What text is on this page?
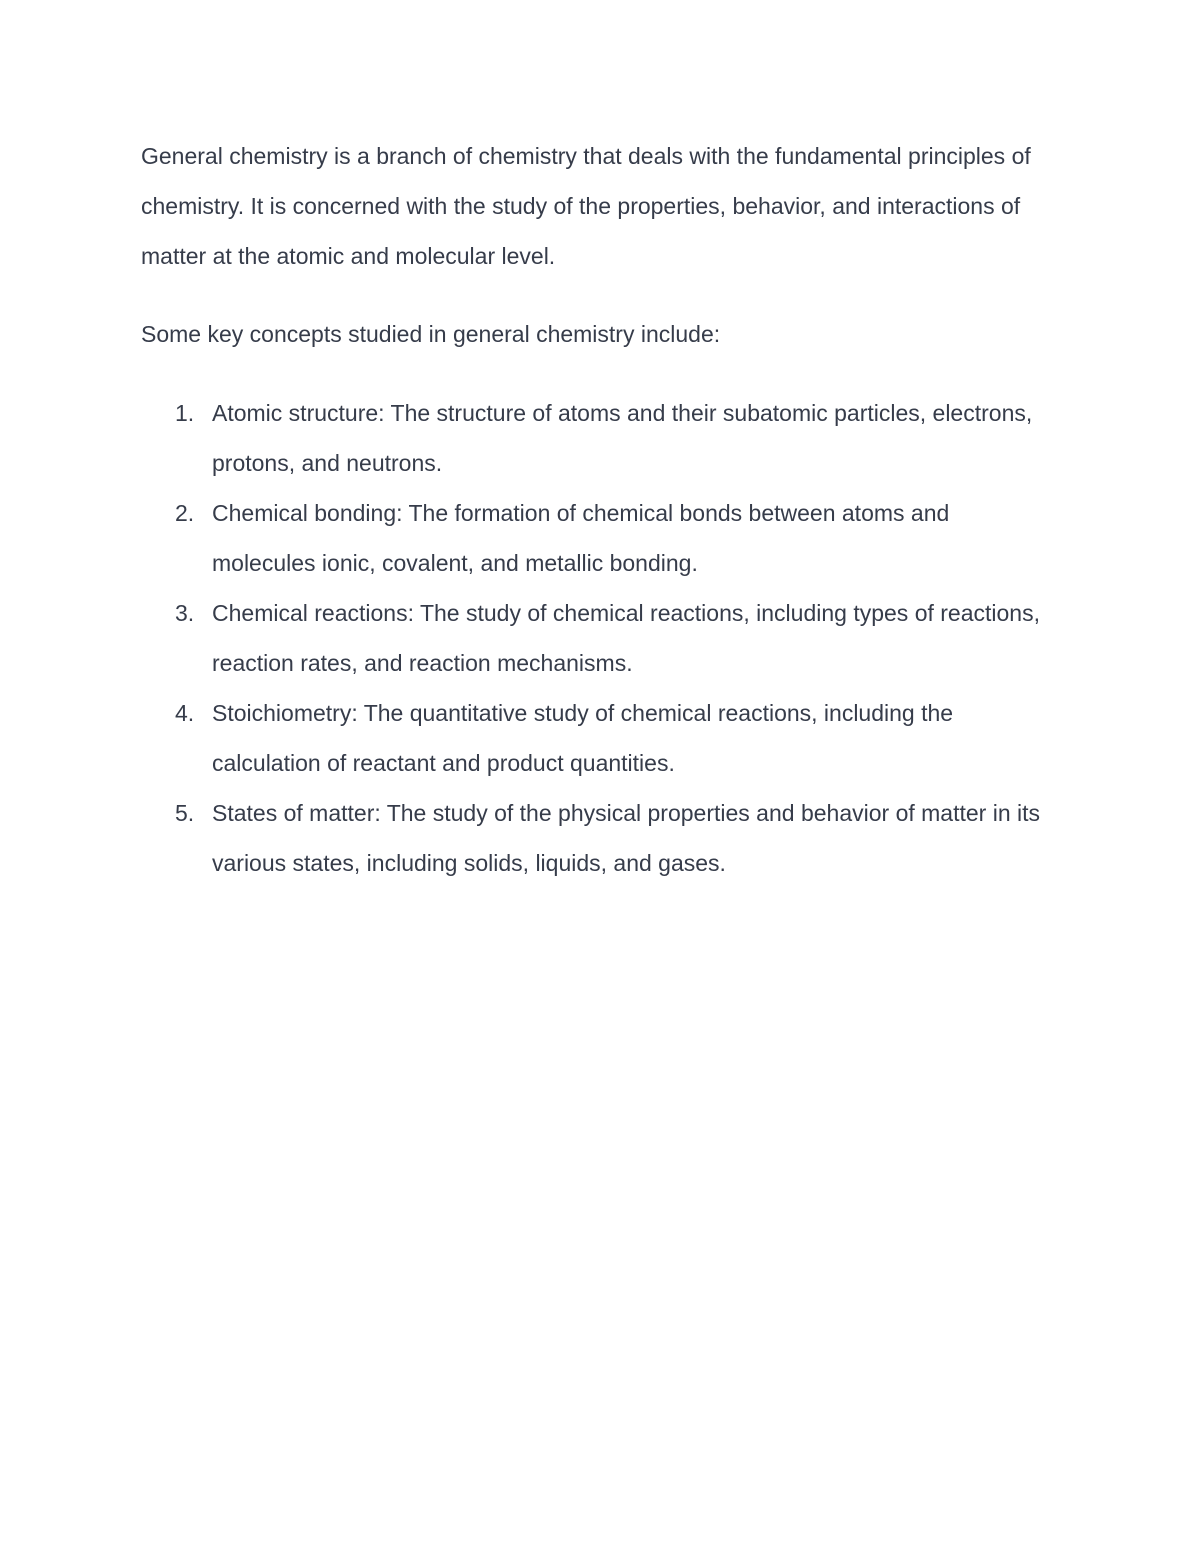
General chemistry is a branch of chemistry that deals with the fundamental principles of chemistry. It is concerned with the study of the properties, behavior, and interactions of matter at the atomic and molecular level.

Some key concepts studied in general chemistry include:

1. Atomic structure: The structure of atoms and their subatomic particles, electrons, protons, and neutrons.
2. Chemical bonding: The formation of chemical bonds between atoms and molecules ionic, covalent, and metallic bonding.
3. Chemical reactions: The study of chemical reactions, including types of reactions, reaction rates, and reaction mechanisms.
4. Stoichiometry: The quantitative study of chemical reactions, including the calculation of reactant and product quantities.
5. States of matter: The study of the physical properties and behavior of matter in its various states, including solids, liquids, and gases.
